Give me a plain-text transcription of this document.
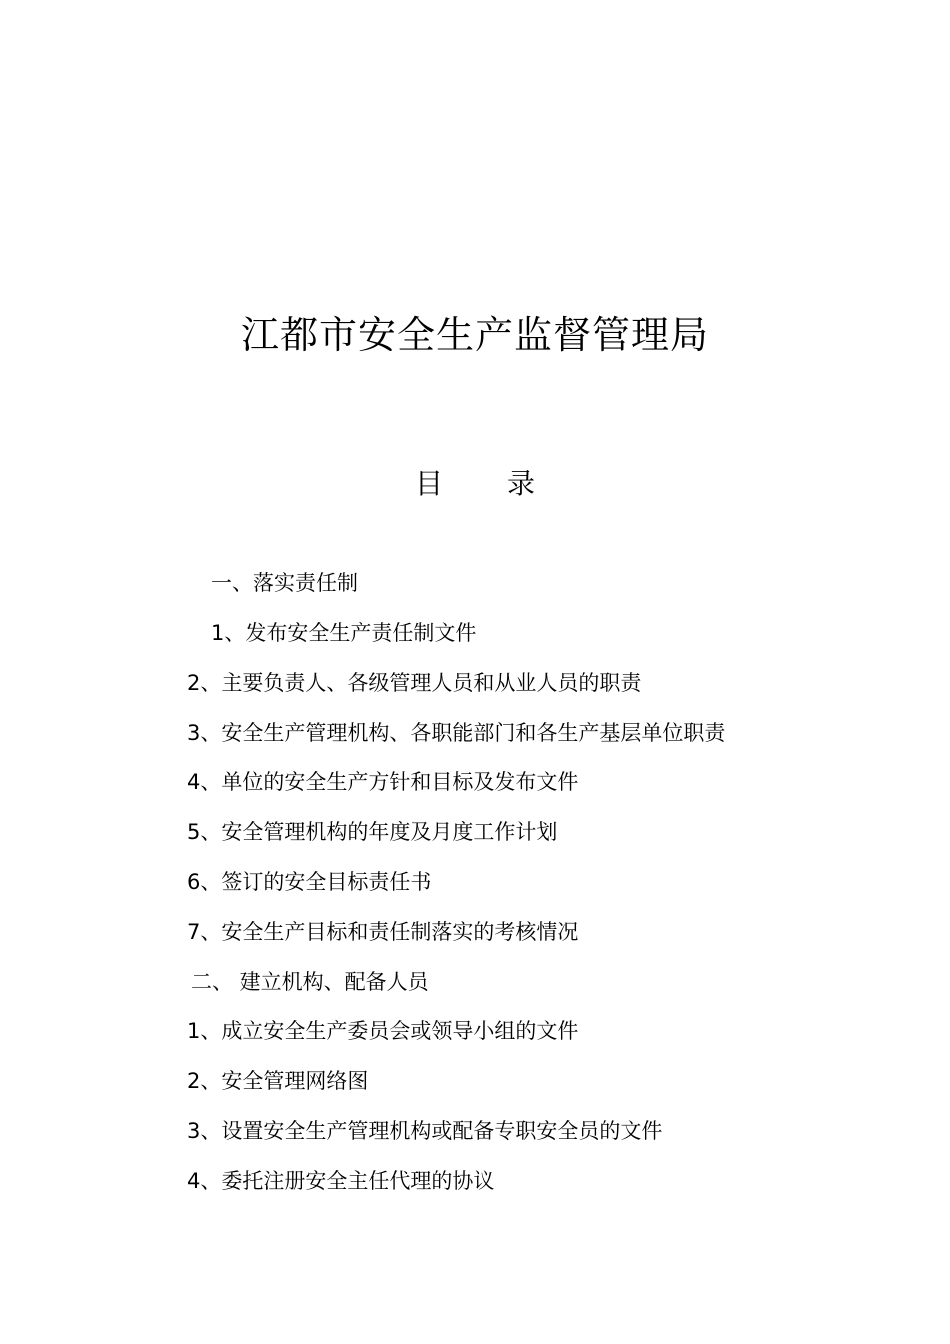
江都市安全生产监督管理局
目 录
一、落实责任制
1、发布安全生产责任制文件
2、主要负责人、各级管理人员和从业人员的职责
3、安全生产管理机构、各职能部门和各生产基层单位职责
4、单位的安全生产方针和目标及发布文件
5、安全管理机构的年度及月度工作计划
6、签订的安全目标责任书
7、安全生产目标和责任制落实的考核情况
二、 建立机构、配备人员
1、成立安全生产委员会或领导小组的文件
2、安全管理网络图
3、设置安全生产管理机构或配备专职安全员的文件
4、委托注册安全主任代理的协议
